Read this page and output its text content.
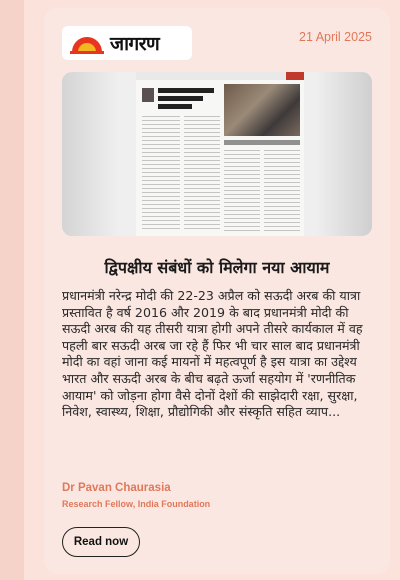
जागरण	21 April 2025
द्विपक्षीय संबंधों को मिलेगा नया आयाम
प्रधानमंत्री नरेन्द्र मोदी की 22-23 अप्रैल को सऊदी अरब की यात्रा प्रस्तावित है वर्ष 2016 और 2019 के बाद प्रधानमंत्री मोदी की सऊदी अरब की यह तीसरी यात्रा होगी अपने तीसरे कार्यकाल में वह पहली बार सऊदी अरब जा रहे हैं फिर भी चार साल बाद प्रधानमंत्री मोदी का वहां जाना कई मायनों में महत्वपूर्ण है इस यात्रा का उद्देश्य भारत और सऊदी अरब के बीच बढ़ते ऊर्जा सहयोग में 'रणनीतिक आयाम' को जोड़ना होगा वैसे दोनों देशों की साझेदारी रक्षा, सुरक्षा, निवेश, स्वास्थ्य, शिक्षा, प्रौद्योगिकी और संस्कृति सहित व्याप...
Dr Pavan Chaurasia
Research Fellow, India Foundation
Read now
